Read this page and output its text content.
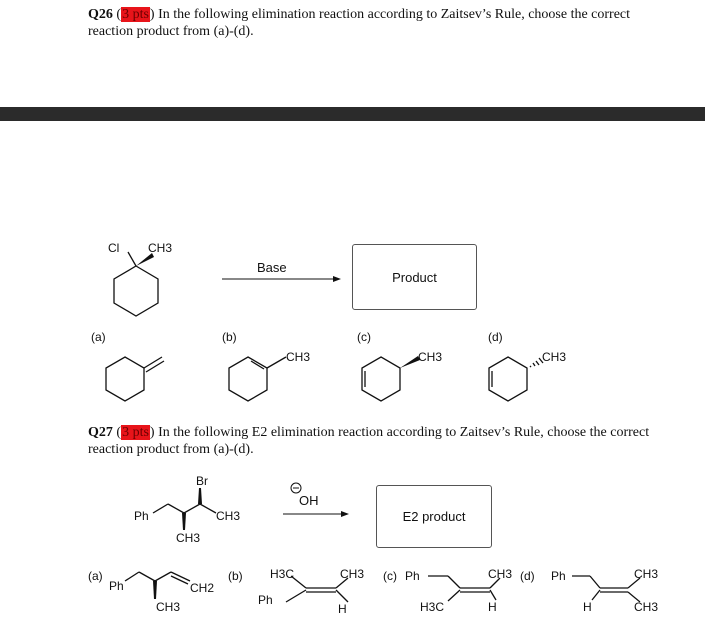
Q26 (3 pts) In the following elimination reaction according to Zaitsev’s Rule, choose the correct
reaction product from (a)-(d).
Cl CH3
Base
(a)	(b)	(c)	(d)
CH3	CH3	CH3
Product
Q27 (3 pts) In the following E2 elimination reaction according to Zaitsev’s Rule, choose the correct
reaction product from (a)-(d).
Br
Ph	CH3
CH3
OH
(a)
Ph	CH2
CH3
(b) H3C	CH3
Ph
H
(c) Ph	CH3
H3C	H
(d) Ph	CH3
H	CH3
E2 product
